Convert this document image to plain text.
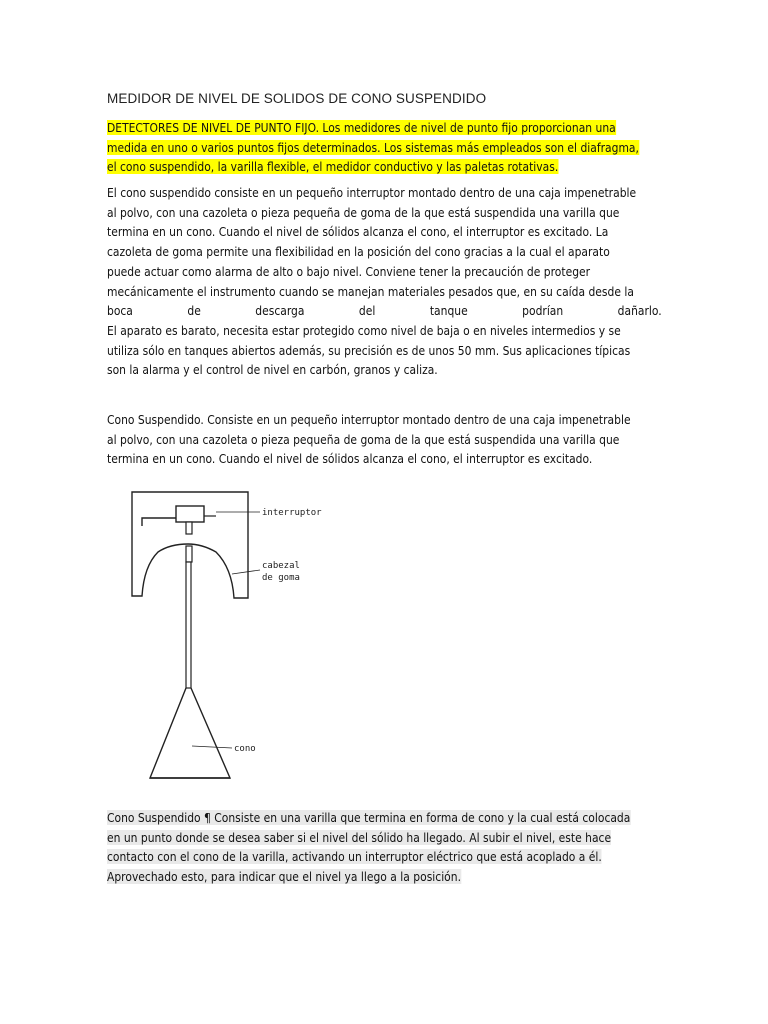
MEDIDOR DE NIVEL DE SOLIDOS DE CONO SUSPENDIDO
DETECTORES DE NIVEL DE PUNTO FIJO. Los medidores de nivel de punto fijo proporcionan una
medida en uno o varios puntos fijos determinados. Los sistemas más empleados son el diafragma,
el cono suspendido, la varilla flexible, el medidor conductivo y las paletas rotativas.
El cono suspendido consiste en un pequeño interruptor montado dentro de una caja impenetrable
al polvo, con una cazoleta o pieza pequeña de goma de la que está suspendida una varilla que
termina en un cono. Cuando el nivel de sólidos alcanza el cono, el interruptor es excitado. La
cazoleta de goma permite una flexibilidad en la posición del cono gracias a la cual el aparato
puede actuar como alarma de alto o bajo nivel. Conviene tener la precaución de proteger
mecánicamente el instrumento cuando se manejan materiales pesados que, en su caída desde la
boca de descarga del tanque podrían dañarlo.
El aparato es barato, necesita estar protegido como nivel de baja o en niveles intermedios y se
utiliza sólo en tanques abiertos además, su precisión es de unos 50 mm. Sus aplicaciones típicas
son la alarma y el control de nivel en carbón, granos y caliza.
Cono Suspendido. Consiste en un pequeño interruptor montado dentro de una caja impenetrable
al polvo, con una cazoleta o pieza pequeña de goma de la que está suspendida una varilla que
termina en un cono. Cuando el nivel de sólidos alcanza el cono, el interruptor es excitado.
interruptor
cabezal
de goma
cono
Cono Suspendido ¶ Consiste en una varilla que termina en forma de cono y la cual está colocada
en un punto donde se desea saber si el nivel del sólido ha llegado. Al subir el nivel, este hace
contacto con el cono de la varilla, activando un interruptor eléctrico que está acoplado a él.
Aprovechado esto, para indicar que el nivel ya llego a la posición.
